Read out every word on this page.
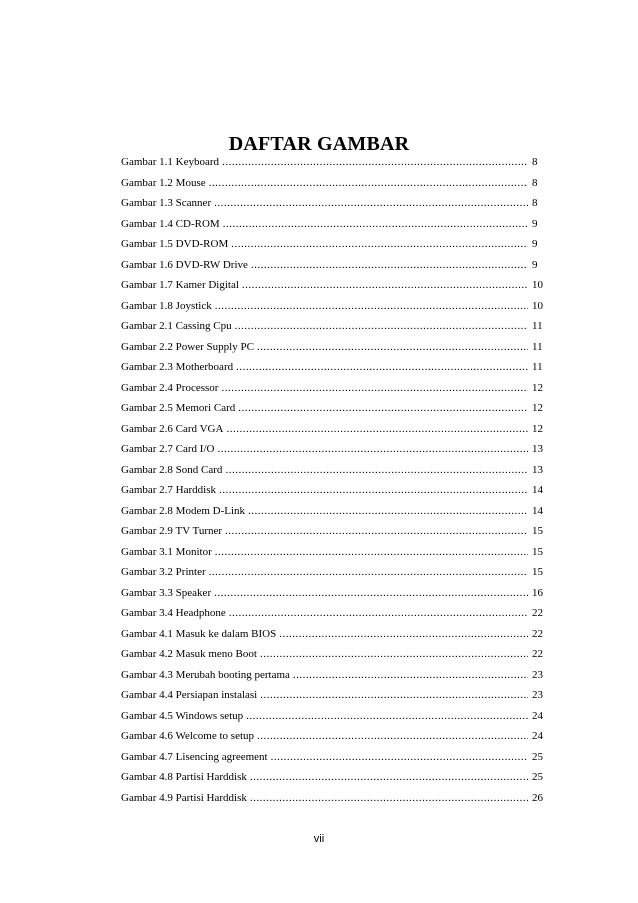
DAFTAR GAMBAR
Gambar 1.1 Keyboard .....	8
Gambar 1.2 Mouse .....	8
Gambar 1.3 Scanner .....	8
Gambar 1.4 CD-ROM .....	9
Gambar 1.5 DVD-ROM .....	9
Gambar 1.6 DVD-RW Drive .....	9
Gambar 1.7 Kamer Digital .....	10
Gambar 1.8 Joystick .....	10
Gambar 2.1 Cassing Cpu .....	11
Gambar 2.2 Power Supply PC .....	11
Gambar 2.3 Motherboard .....	11
Gambar 2.4 Processor .....	12
Gambar 2.5 Memori Card .....	12
Gambar 2.6 Card VGA .....	12
Gambar 2.7 Card I/O .....	13
Gambar 2.8 Sond Card .....	13
Gambar 2.7 Harddisk .....	14
Gambar 2.8 Modem D-Link .....	14
Gambar 2.9 TV Turner .....	15
Gambar 3.1 Monitor .....	15
Gambar 3.2 Printer .....	15
Gambar 3.3 Speaker .....	16
Gambar 3.4 Headphone .....	22
Gambar 4.1 Masuk ke dalam BIOS .....	22
Gambar 4.2 Masuk meno Boot .....	22
Gambar 4.3 Merubah booting pertama .....	23
Gambar 4.4 Persiapan instalasi .....	23
Gambar 4.5 Windows setup .....	24
Gambar 4.6 Welcome to setup .....	24
Gambar 4.7 Lisencing agreement .....	25
Gambar 4.8 Partisi Harddisk .....	25
Gambar 4.9 Partisi Harddisk .....	26
vii
